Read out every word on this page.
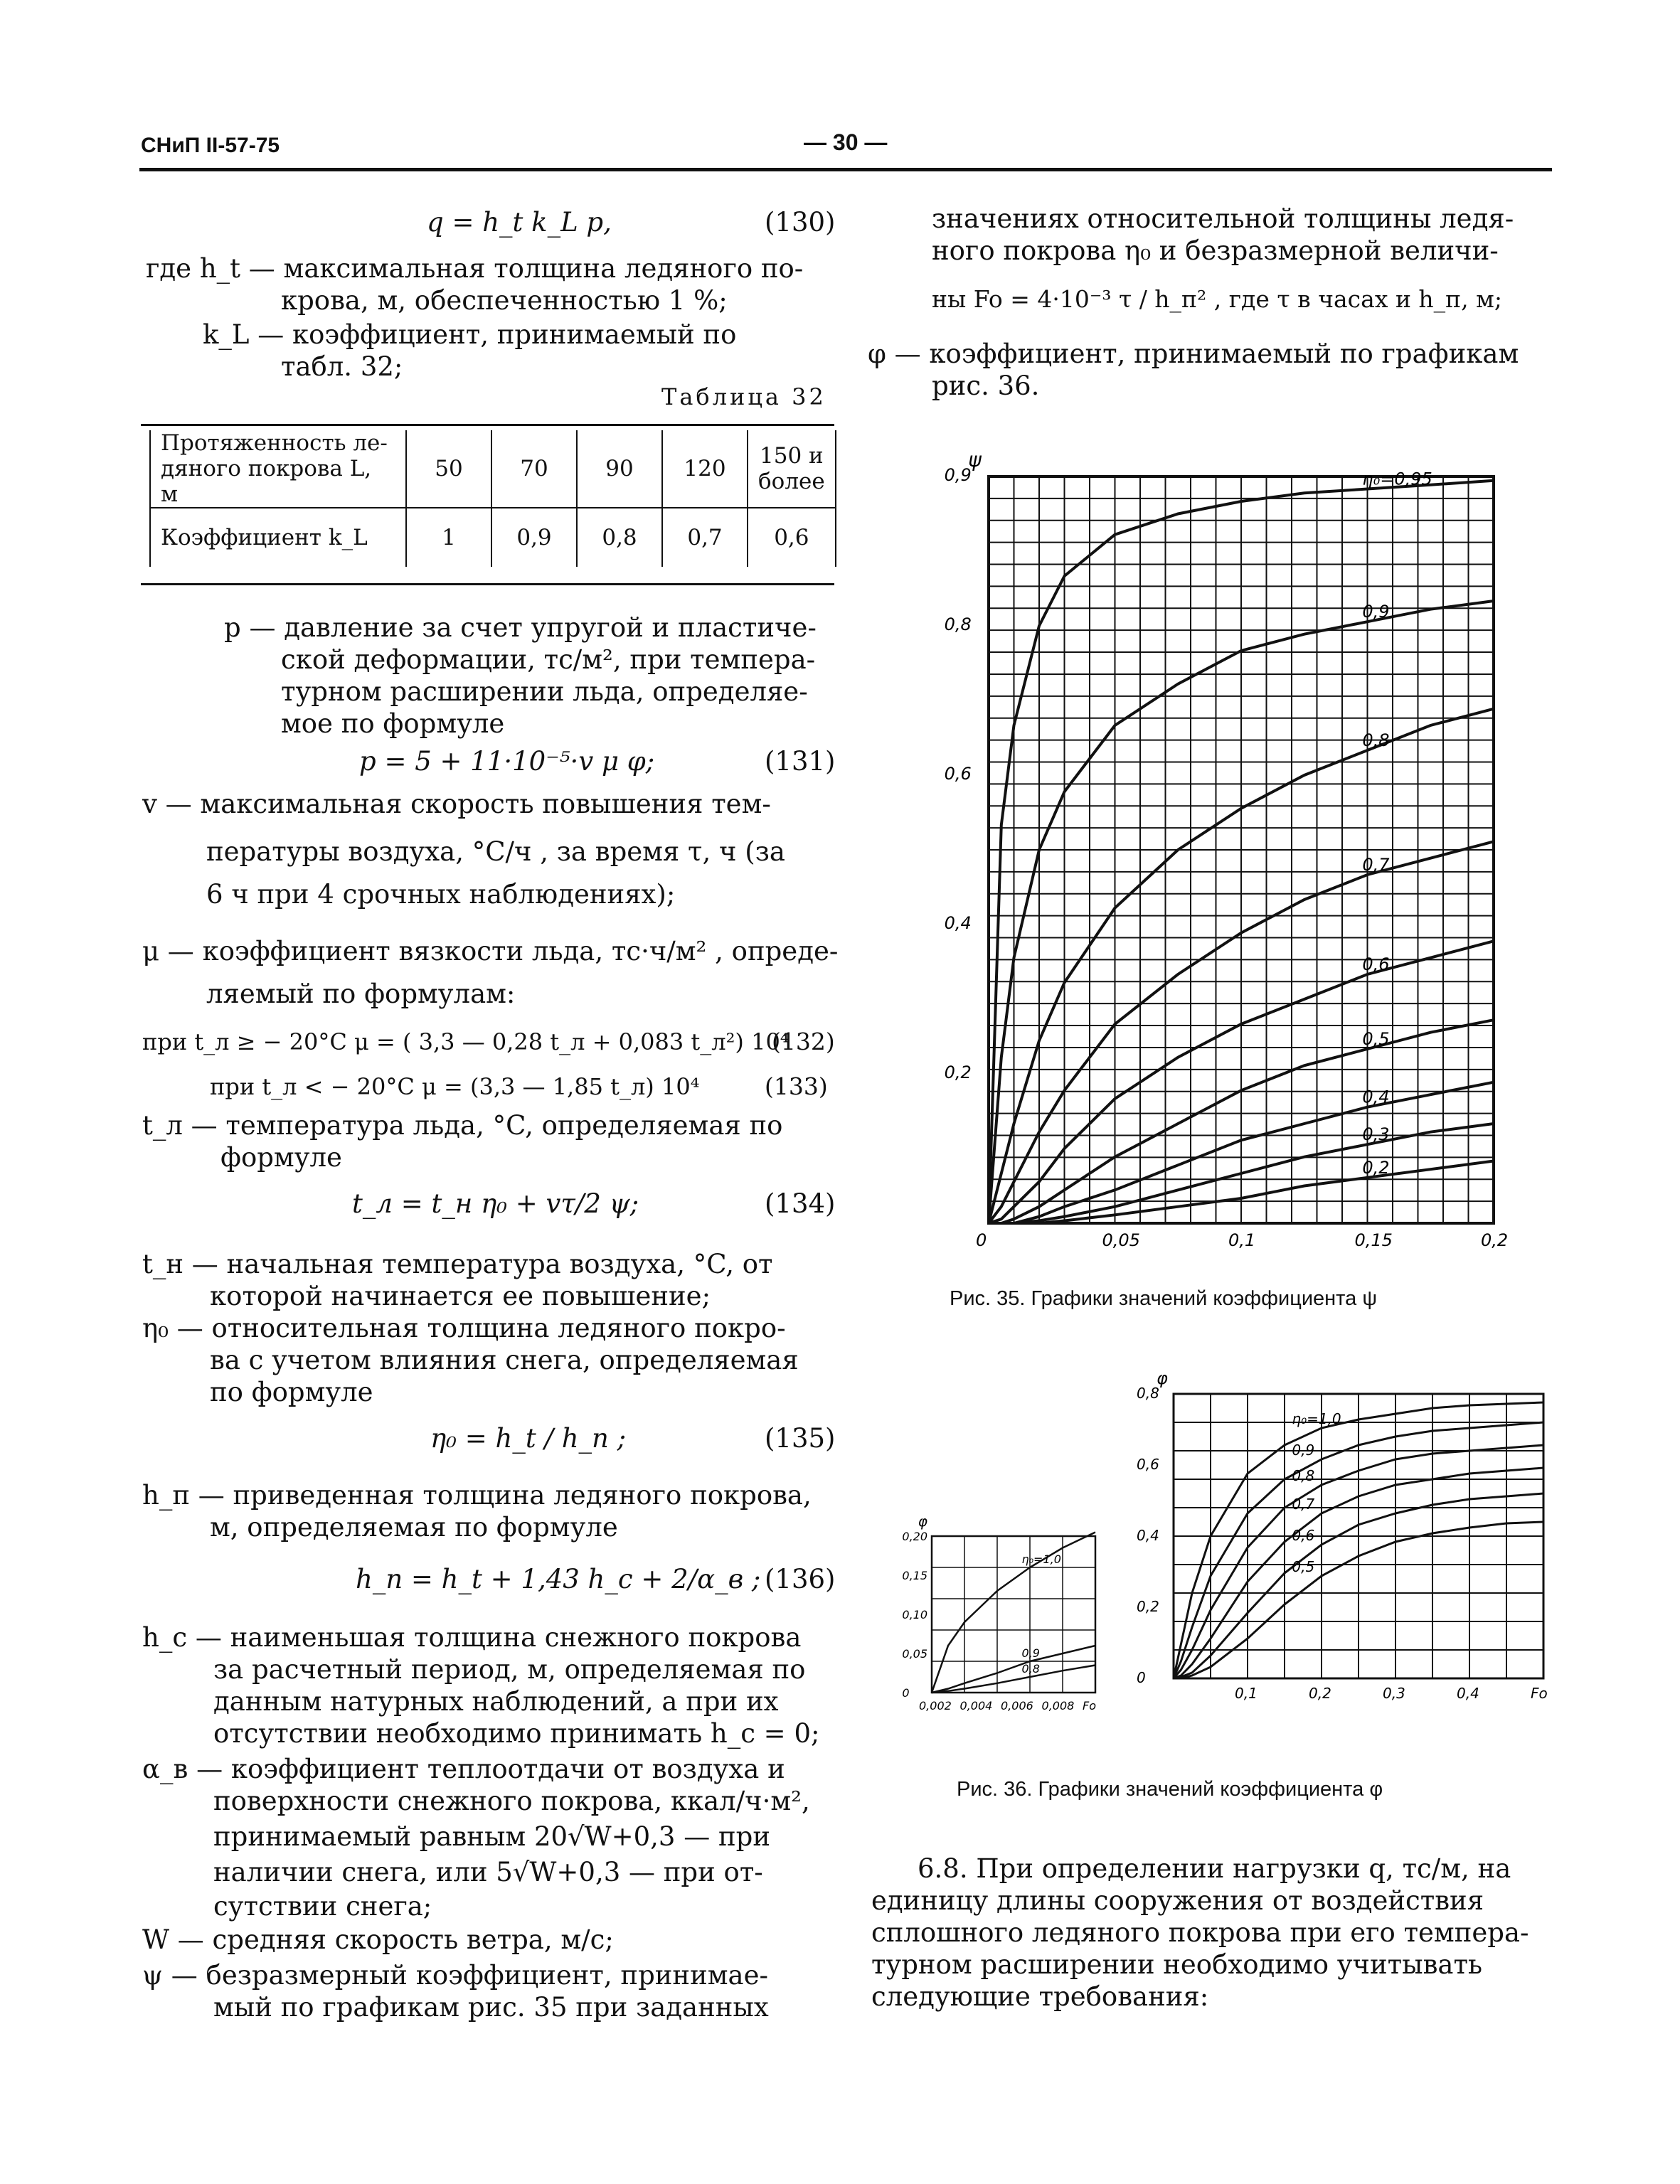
СНиП II-57-75	— 30 —
q = h_t k_L p,	(130)
где h_t — максимальная толщина ледяного по-
крова, м, обеспеченностью 1 %;
k_L — коэффициент, принимаемый по
табл. 32;
Таблица 32
Протяженность ле-
дяного покрова L, м	50	70	90	120	150 и более
Коэффициент k_L	1	0,9	0,8	0,7	0,6
p — давление за счет упругой и пластиче-
ской деформации, тс/м², при темпера-
турном расширении льда, определяе-
мое по формуле
p = 5 + 11·10⁻⁵·v μ φ;	(131)
v — максимальная скорость повышения тем-
пературы воздуха, °C/ч , за время τ, ч (за
6 ч при 4 срочных наблюдениях);
μ — коэффициент вязкости льда, тс·ч/м² , опреде-
ляемый по формулам:
при t_л ≥ − 20°C μ = ( 3,3 — 0,28 t_л + 0,083 t_л²) 10⁴
(132)
при t_л < − 20°C μ = (3,3 — 1,85 t_л) 10⁴	(133)
t_л — температура льда, °C, определяемая по
формуле
t_л = t_н η₀ + vτ/2 ψ;	(134)
t_н — начальная температура воздуха, °C, от
которой начинается ее повышение;
η₀ — относительная толщина ледяного покро-
ва с учетом влияния снега, определяемая
по формуле
η₀ = h_t / h_п ;	(135)
h_п — приведенная толщина ледяного покрова,
м, определяемая по формуле
h_п = h_t + 1,43 h_c + 2/α_в ; (136)
h_c — наименьшая толщина снежного покрова
за расчетный период, м, определяемая по
данным натурных наблюдений, а при их
отсутствии необходимо принимать h_c = 0;
α_в — коэффициент теплоотдачи от воздуха и
поверхности снежного покрова, ккал/ч·м²,
принимаемый равным 20√W+0,3 — при
наличии снега, или 5√W+0,3 — при от-
сутствии снега;
W — средняя скорость ветра, м/с;
ψ — безразмерный коэффициент, принимае-
мый по графикам рис. 35 при заданных
значениях относительной толщины ледя-
ного покрова η₀ и безразмерной величи-
ны Fo = 4·10⁻³ τ / h_п² , где τ в часах и h_п, м;
φ — коэффициент, принимаемый по графикам
рис. 36.
η₀=0,95
0,9
0,8
0,7
0,6
0,5
0,4
0,3
0,2
0	0,05	0,1	0,15	0,2
0,2
0,4
0,6
0,8
0,9
ψ
Рис. 35. Графики значений коэффициента ψ
η₀=1,0
0,9
0,8
0,002 0,004 0,006 0,008 Fo
0
0,05
0,10
0,15
0,20
φ
η₀=1,0
0,9
0,8
0,7
0,6
0,5
0,1	0,2	0,3	0,4	Fo
0
0,2
0,4
0,6
0,8
φ
Рис. 36. Графики значений коэффициента φ
6.8. При определении нагрузки q, тс/м, на
единицу длины сооружения от воздействия
сплошного ледяного покрова при его темпера-
турном расширении необходимо учитывать
следующие требования:
